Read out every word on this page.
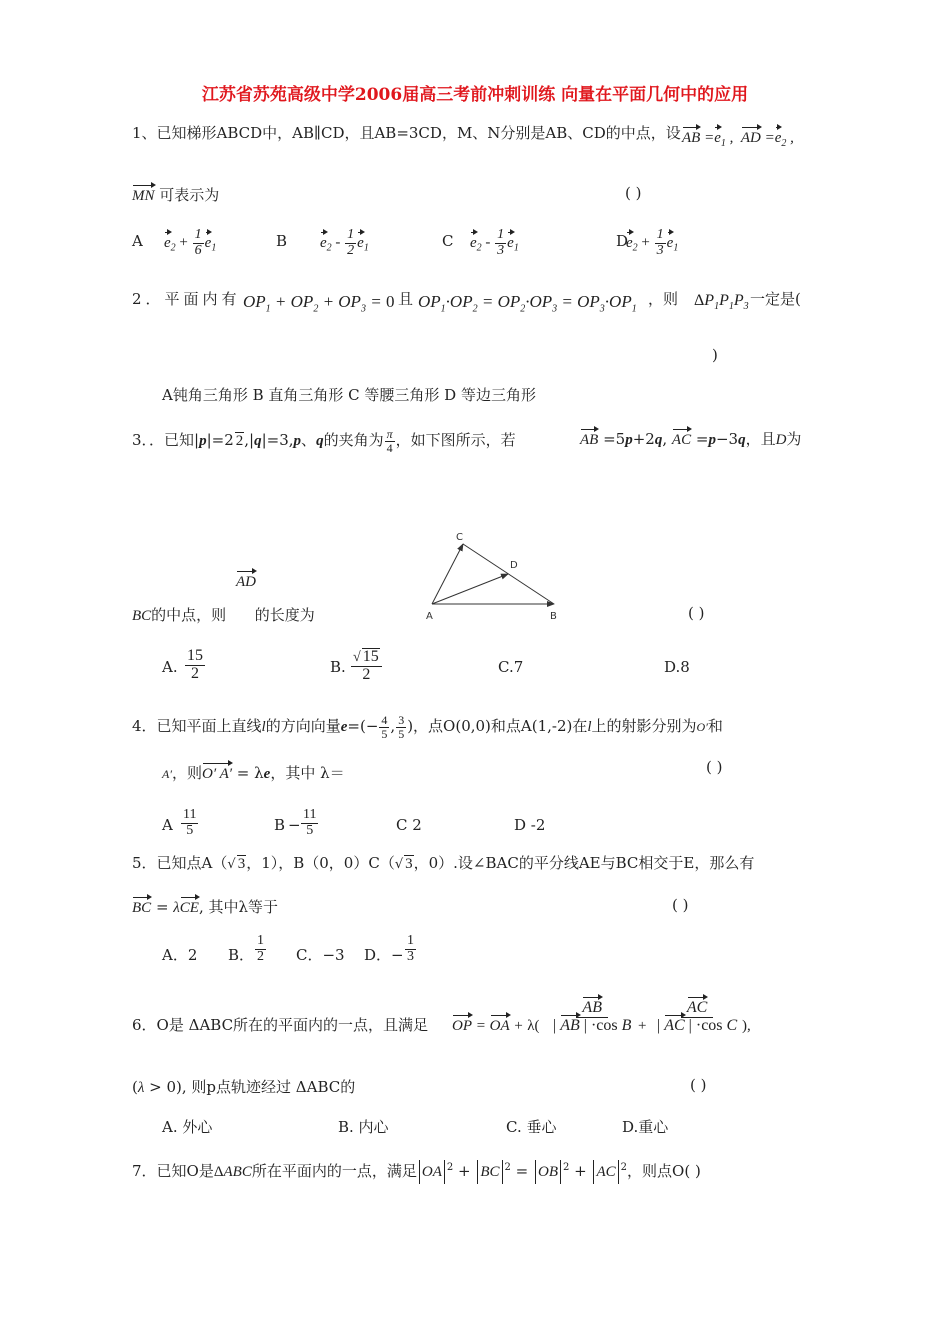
江苏省苏苑高级中学2006届高三考前冲刺训练 向量在平面几何中的应用
1、已知梯形ABCD中，AB∥CD，且AB=3CD，M、N分别是AB、CD的中点，设 AB $=e_1$ ,  AD $=e_2$ ,
MN 可表示为	( )
A $e_2 + \frac{1}{6} e_1$	B $e_2 - \frac{1}{2} e_1$	C $e_2 - \frac{1}{3} e_1$	D
$e_2 + \frac{1}{3} e_1$
2．平面内有 $OP_1 + OP_2 + OP_3 = 0$ 且 $OP_1\cdot OP_2 = OP_2\cdot OP_3 = OP_3\cdot OP_1$
，则 $\Delta P_1P_1P_3$ 一定是(
)
A钝角三角形 B 直角三角形 C 等腰三角形 D 等边三角形
3．．已知|p|=2 2,|q|=3,p、q的夹角为 $\frac{\pi}{4}$ ，如下图所示，若	AB =5p+2q, AC =p−3q，且D为
AD
BC的中点，则 的长度为	( )
C
D
A	B
A. $\frac{15}{2}$	B. $\frac{√ 15}{2}$	C.7	D.8
4．已知平面上直线l的方向向量$e=(- \frac{4}{5}$ , $\frac{3}{5}$ )，点O(0,0)和点A(1,-2)在l上的射影分别为O′和
A′，则O′ A′ = λe，其中 λ＝	( )
A $\frac{11}{5}$	$B - \frac{11}{5}$	C 2	D -2
5．已知点A（√ 3，1），B（0，0）C（√ 3，0）.设∠BAC的平分线AE与BC相交于E，那么有
BC = λCE, 其中λ等于	( )
A．2 B． $\frac{1}{2}$ C．−3 D．− $\frac{1}{3}$
6．O是 ΔABC所在的平面内的一点，且满足 OP = OA + $\lambda( \frac{AB}{\text{| AB | ·cos B}} + \frac{AC}{\text{| AC | ·cos C}}$ ),
(λ > 0), 则p点轨迹经过 ΔABC的	( )
A. 外心	B. 内心	C. 垂心	D.重心
7．已知O是ΔABC所在平面内的一点，满足 OA $^2$ + BC $^2$ = OB $^2$ + AC $^2$，则点O( )
